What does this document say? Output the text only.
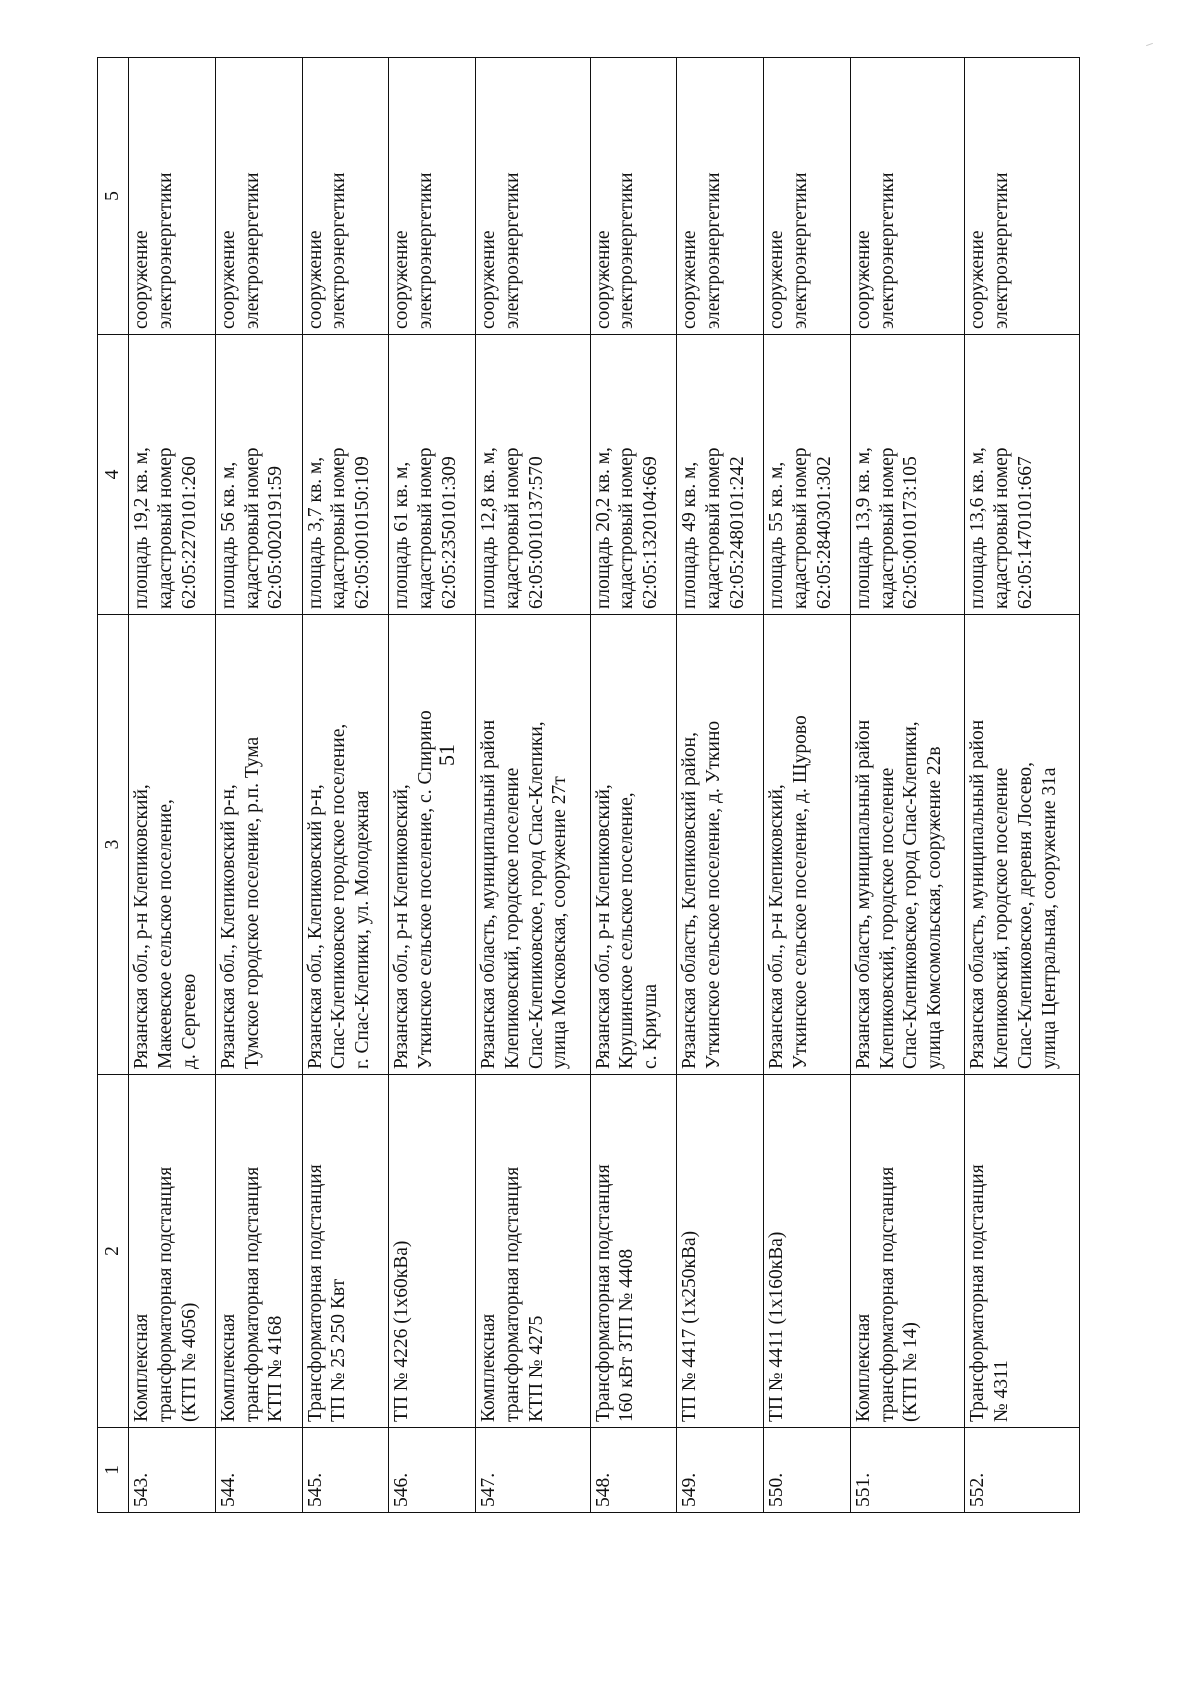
51
1	2	3	4	5
543.	Комплексная
трансформаторная подстанция
(КТП № 4056)	Рязанская обл., р-н Клепиковский,
Макеевское сельское поселение,
д. Сергеево	площадь 19,2 кв. м,
кадастровый номер
62:05:2270101:260	сооружение
электроэнергетики
544.	Комплексная
трансформаторная подстанция
КТП № 4168	Рязанская обл., Клепиковский р-н,
Тумское городское поселение, р.п. Тума	площадь 56 кв. м,
кадастровый номер
62:05:0020191:59	сооружение
электроэнергетики
545.	Трансформаторная подстанция
ТП № 25 250 Квт	Рязанская обл., Клепиковский р-н,
Спас-Клепиковское городское поселение,
г. Спас-Клепики, ул. Молодежная	площадь 3,7 кв. м,
кадастровый номер
62:05:0010150:109	сооружение
электроэнергетики
546.	ТП № 4226 (1х60кВа)	Рязанская обл., р-н Клепиковский,
Уткинское сельское поселение, с. Спирино	площадь 61 кв. м,
кадастровый номер
62:05:2350101:309	сооружение
электроэнергетики
547.	Комплексная
трансформаторная подстанция
КТП № 4275	Рязанская область, муниципальный район
Клепиковский, городское поселение
Спас-Клепиковское, город Спас-Клепики,
улица Московская, сооружение 27т	площадь 12,8 кв. м,
кадастровый номер
62:05:0010137:570	сооружение
электроэнергетики
548.	Трансформаторная подстанция
160 кВт ЗТП № 4408	Рязанская обл., р-н Клепиковский,
Крушинское сельское поселение,
с. Криуша	площадь 20,2 кв. м,
кадастровый номер
62:05:1320104:669	сооружение
электроэнергетики
549.	ТП № 4417 (1х250кВа)	Рязанская область, Клепиковский район,
Уткинское сельское поселение, д. Уткино	площадь 49 кв. м,
кадастровый номер
62:05:2480101:242	сооружение
электроэнергетики
550.	ТП № 4411 (1х160кВа)	Рязанская обл., р-н Клепиковский,
Уткинское сельское поселение, д. Щурово	площадь 55 кв. м,
кадастровый номер
62:05:2840301:302	сооружение
электроэнергетики
551.	Комплексная
трансформаторная подстанция
(КТП № 14)	Рязанская область, муниципальный район
Клепиковский, городское поселение
Спас-Клепиковское, город Спас-Клепики,
улица Комсомольская, сооружение 22в	площадь 13,9 кв. м,
кадастровый номер
62:05:0010173:105	сооружение
электроэнергетики
552.	Трансформаторная подстанция
№ 4311	Рязанская область, муниципальный район
Клепиковский, городское поселение
Спас-Клепиковское, деревня Лосево,
улица Центральная, сооружение 31а	площадь 13,6 кв. м,
кадастровый номер
62:05:1470101:667	сооружение
электроэнергетики
